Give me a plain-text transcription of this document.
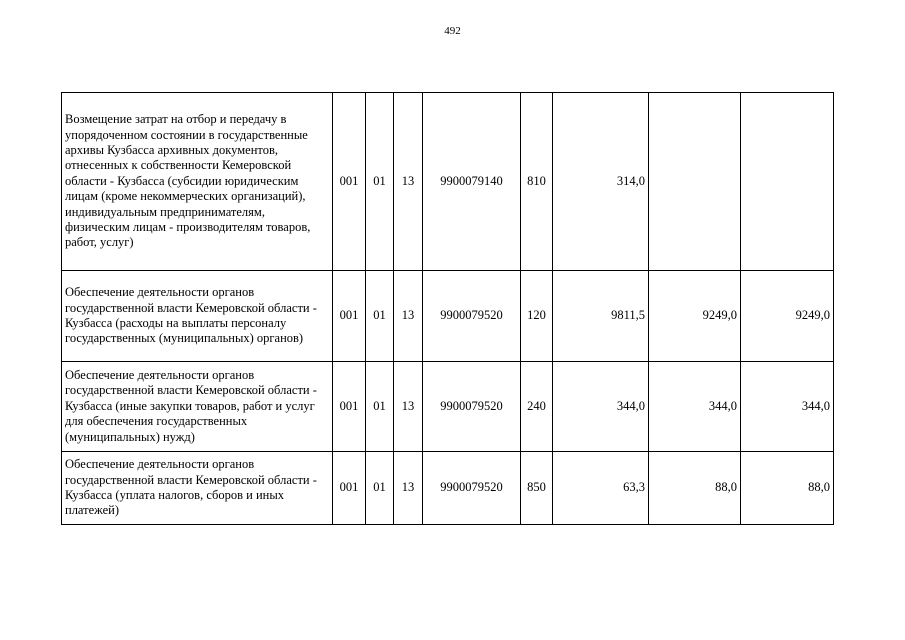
492
Возмещение затрат на отбор и передачу в упорядоченном состоянии в государственные архивы Кузбасса архивных документов, отнесенных к собственности Кемеровской области - Кузбасса (субсидии юридическим лицам (кроме некоммерческих организаций), индивидуальным предпринимателям, физическим лицам - производителям товаров, работ, услуг)	001	01	13	9900079140	810	314,0		
Обеспечение деятельности органов государственной власти Кемеровской области - Кузбасса (расходы на выплаты персоналу государственных (муниципальных) органов)	001	01	13	9900079520	120	9811,5	9249,0	9249,0
Обеспечение деятельности органов государственной власти Кемеровской области - Кузбасса (иные закупки товаров, работ и услуг для обеспечения государственных (муниципальных) нужд)	001	01	13	9900079520	240	344,0	344,0	344,0
Обеспечение деятельности органов государственной власти Кемеровской области - Кузбасса (уплата налогов, сборов и иных платежей)	001	01	13	9900079520	850	63,3	88,0	88,0
